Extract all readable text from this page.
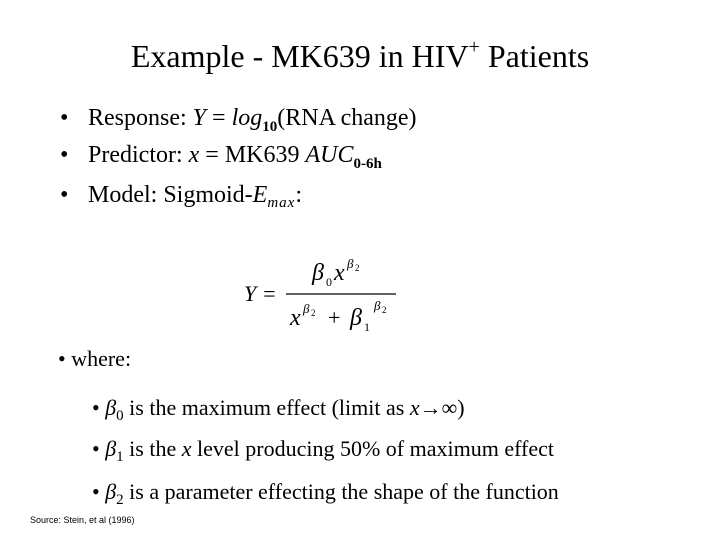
Example - MK639 in HIV+ Patients
• Response: $Y = \log_{10}(RNA$ change)
• Predictor: x = MK639 $AUC_{0-6h}$
• Model: Sigmoid-$E_{max}$:
Y =
β 0 x β 2
x β 2 + β 1
β 2
• where:
• $\beta_0$ is the maximum effect (limit as x→∞)
• $\beta_1$ is the x level producing 50% of maximum effect
• $\beta_2$ is a parameter effecting the shape of the function
Source: Stein, et al (1996)
